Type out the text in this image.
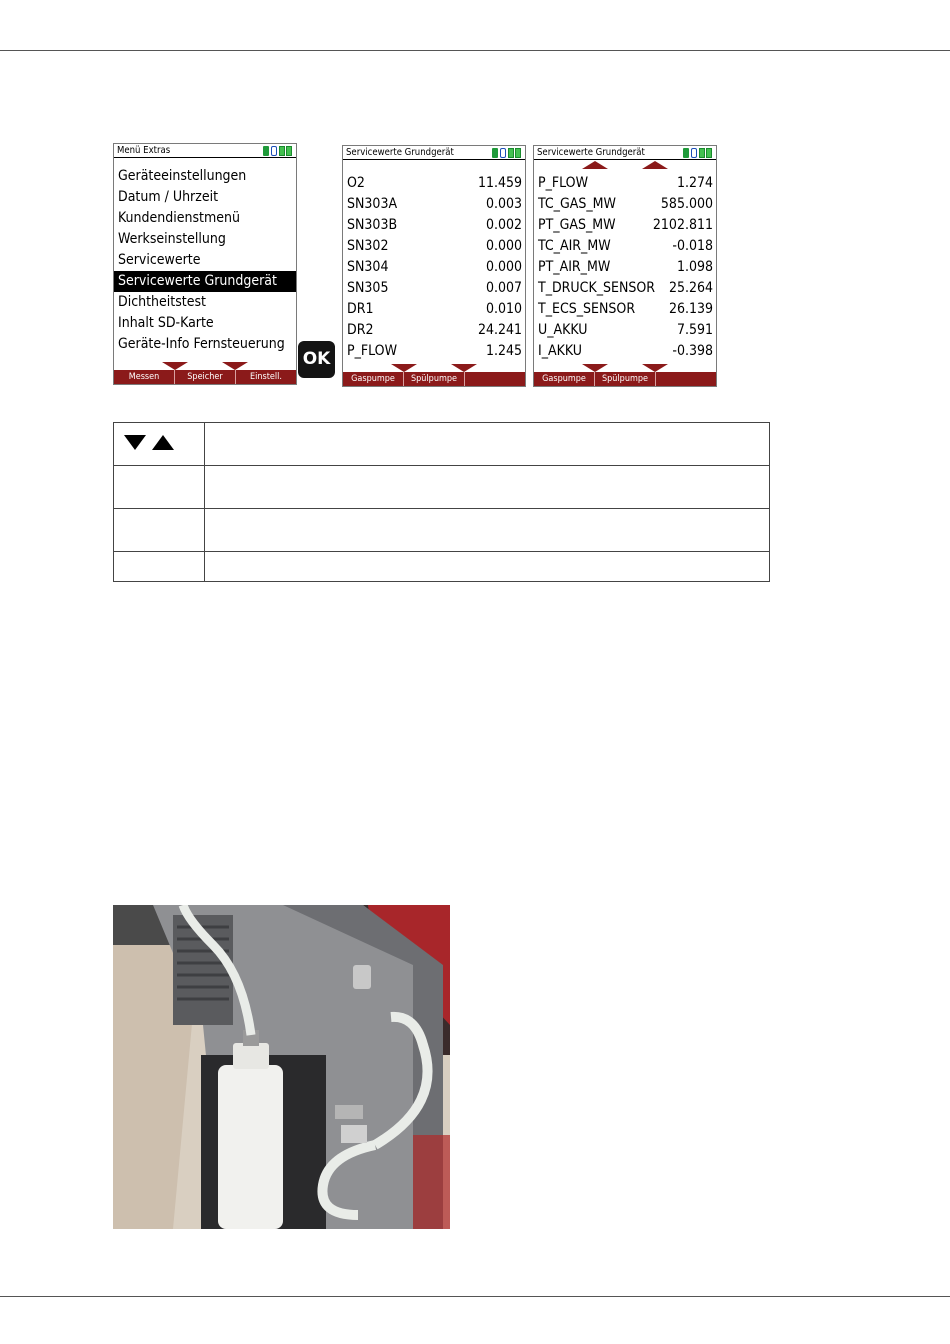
Menü Extras
Geräteeinstellungen
Datum / Uhrzeit
Kundendienstmenü
Werkseinstellung
Servicewerte
Servicewerte Grundgerät
Dichtheitstest
Inhalt SD-Karte
Geräte-Info Fernsteuerung
Messen	Speicher	Einstell.
OK
Servicewerte Grundgerät
O2	11.459
SN303A	0.003
SN303B	0.002
SN302	0.000
SN304	0.000
SN305	0.007
DR1	0.010
DR2	24.241
P_FLOW	1.245
Gaspumpe	Spülpumpe
Servicewerte Grundgerät
P_FLOW	1.274
TC_GAS_MW	585.000
PT_GAS_MW	2102.811
TC_AIR_MW	-0.018
PT_AIR_MW	1.098
T_DRUCK_SENSOR 25.264
T_ECS_SENSOR 26.139
U_AKKU	7.591
I_AKKU	-0.398
Gaspumpe	Spülpumpe
